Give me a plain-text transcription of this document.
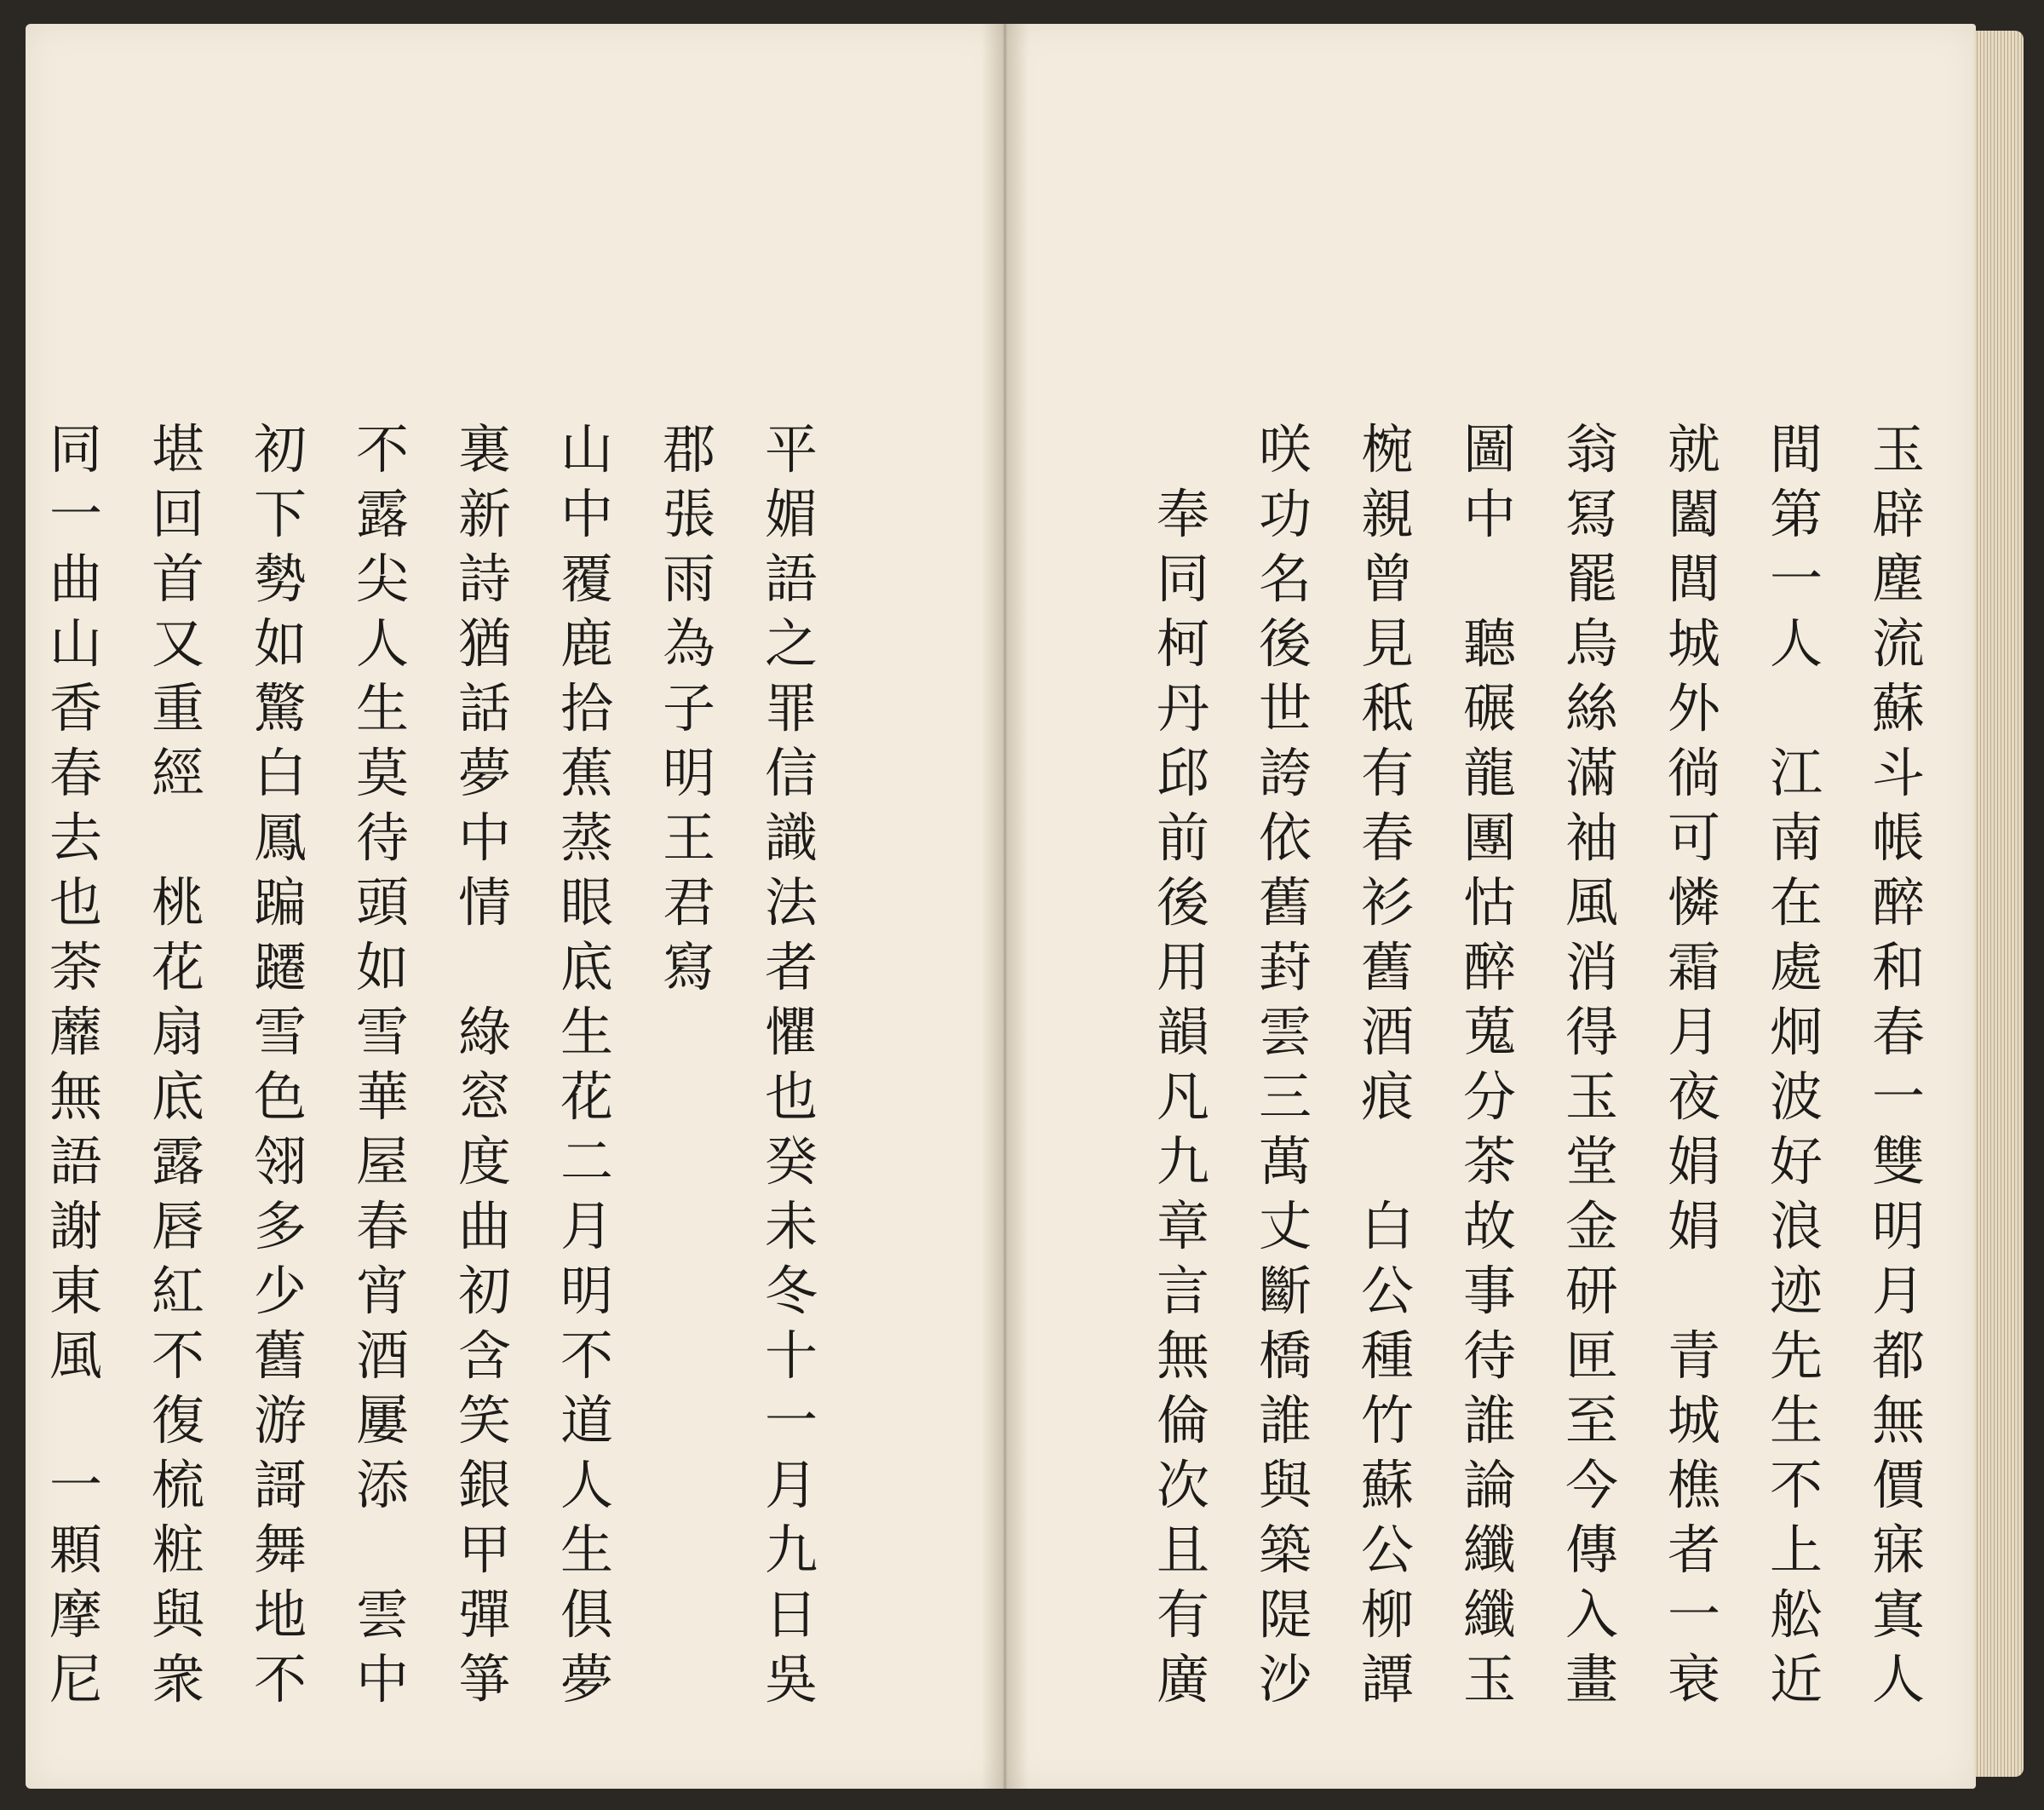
玉
辟
塵
流
蘇
斗
帳
醉
和
春
一
雙
明
月
都
無
價
寐
寘
人
間
第
一
人

江
南
在
處
炯
波
好
浪
迹
先
生
不
上
舩
近
就
闔
閭
城
外
徜
可
憐
霜
月
夜
娟
娟

青
城
樵
者
一
衰
翁
冩
罷
烏
絲
滿
袖
風
消
得
玉
堂
金
研
匣
至
今
傳
入
畫
圖
中

聽
碾
龍
團
怙
醉
蒐
分
茶
故
事
待
誰
論
纖
纖
玉
椀
親
曾
見
秪
有
春
衫
舊
酒
痕

白
公
種
竹
蘇
公
柳
譚
咲
功
名
後
世
誇
依
舊
葑
雲
三
萬
丈
斷
橋
誰
與
築
隄
沙
奉
同
柯
丹
邱
前
後
用
韻
凡
九
章
言
無
倫
次
且
有
廣
平
媚
語
之
罪
信
識
法
者
懼
也
癸
未
冬
十
一
月
九
日
吳
郡
張
雨
為
子
明
王
君
寫
山
中
覆
鹿
拾
蕉
蒸
眼
底
生
花
二
月
明
不
道
人
生
俱
夢
裏
新
詩
猶
話
夢
中
情

綠
窓
度
曲
初
含
笑
銀
甲
彈
箏
不
露
尖
人
生
莫
待
頭
如
雪
華
屋
春
宵
酒
屢
添

雲
中
初
下
勢
如
驚
白
鳳
蹁
躚
雪
色
翎
多
少
舊
游
謌
舞
地
不
堪
回
首
又
重
經

桃
花
扇
底
露
唇
紅
不
復
梳
粧
與
衆
同
一
曲
山
香
春
去
也
荼
蘼
無
語
謝
東
風

一
顆
摩
尼
